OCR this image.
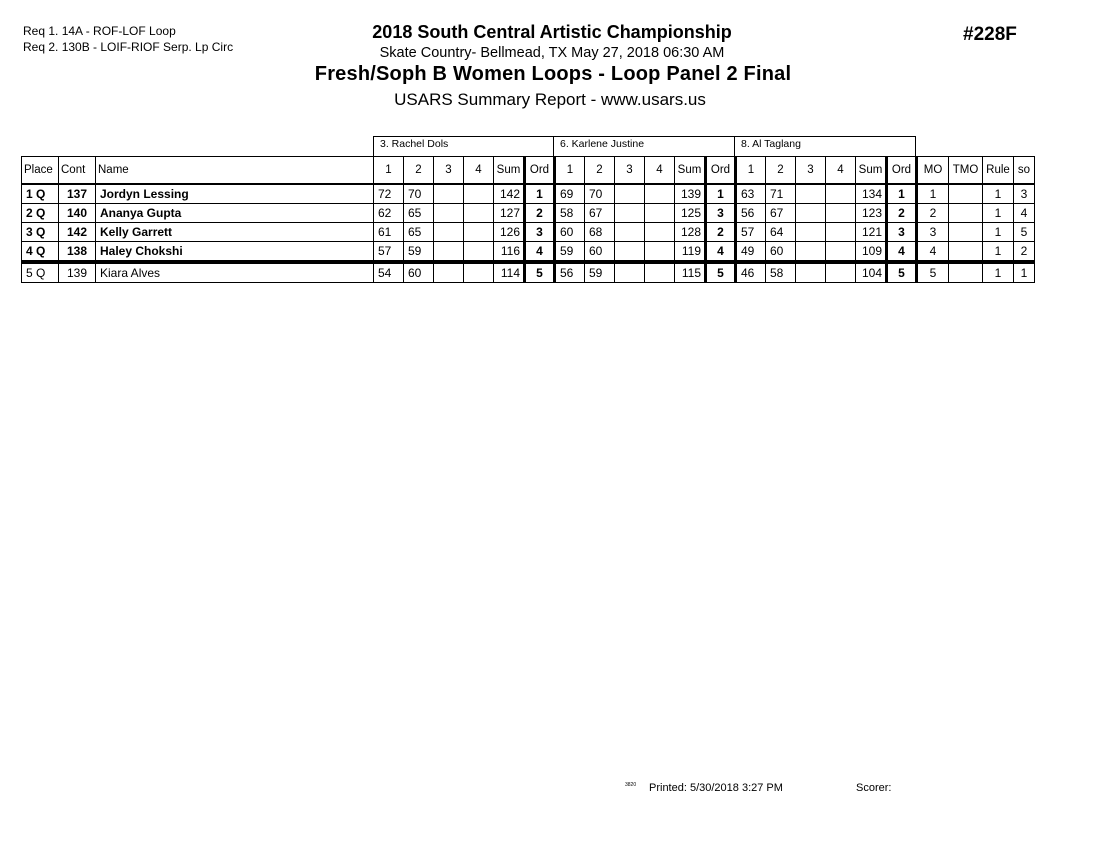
Req 1. 14A - ROF-LOF Loop
Req 2. 130B - LOIF-RIOF Serp. Lp Circ
2018 South Central Artistic Championship
Skate Country- Bellmead, TX May 27, 2018 06:30 AM
Fresh/Soph B Women Loops - Loop Panel 2 Final
USARS Summary Report - www.usars.us
#228F
3. Rachel Dols	6. Karlene Justine	8. Al Taglang
Place	Cont	Name	1	2	3	4	Sum	Ord	1	2	3	4	Sum	Ord	1	2	3	4	Sum	Ord	MO	TMO	Rule	so
1 Q	137	Jordyn Lessing	72	70			142	1	69	70			139	1	63	71			134	1	1		1	3
2 Q	140	Ananya Gupta	62	65			127	2	58	67			125	3	56	67			123	2	2		1	4
3 Q	142	Kelly Garrett	61	65			126	3	60	68			128	2	57	64			121	3	3		1	5
4 Q	138	Haley Chokshi	57	59			116	4	59	60			119	4	49	60			109	4	4		1	2
5 Q	139	Kiara Alves	54	60			114	5	56	59			115	5	46	58			104	5	5		1	1
3820 Printed: 5/30/2018 3:27 PM	Scorer:
